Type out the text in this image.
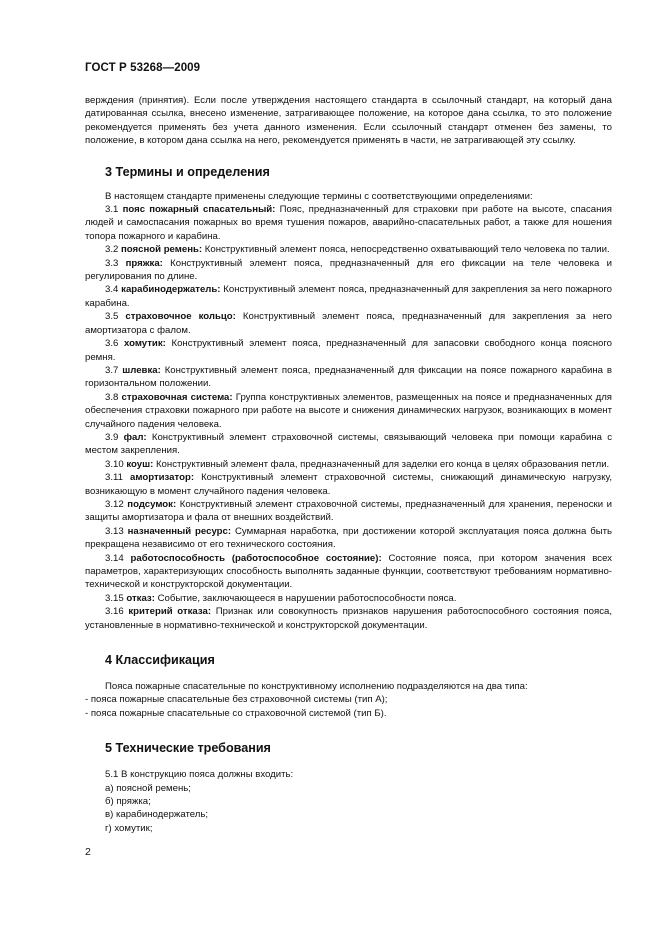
ГОСТ Р 53268—2009

верждения (принятия). Если после утверждения настоящего стандарта в ссылочный стандарт, на который дана датированная ссылка, внесено изменение, затрагивающее положение, на которое дана ссылка, то это положение рекомендуется применять без учета данного изменения. Если ссылочный стандарт отменен без замены, то положение, в котором дана ссылка на него, рекомендуется применять в части, не затрагивающей эту ссылку.

3 Термины и определения

В настоящем стандарте применены следующие термины с соответствующими определениями:

3.1 пояс пожарный спасательный: Пояс, предназначенный для страховки при работе на высоте, спасания людей и самоспасания пожарных во время тушения пожаров, аварийно-спасательных работ, а также для ношения топора пожарного и карабина.

3.2 поясной ремень: Конструктивный элемент пояса, непосредственно охватывающий тело человека по талии.

3.3 пряжка: Конструктивный элемент пояса, предназначенный для его фиксации на теле человека и регулирования по длине.

3.4 карабинодержатель: Конструктивный элемент пояса, предназначенный для закрепления за него пожарного карабина.

3.5 страховочное кольцо: Конструктивный элемент пояса, предназначенный для закрепления за него амортизатора с фалом.

3.6 хомутик: Конструктивный элемент пояса, предназначенный для запасовки свободного конца поясного ремня.

3.7 шлевка: Конструктивный элемент пояса, предназначенный для фиксации на поясе пожарного карабина в горизонтальном положении.

3.8 страховочная система: Группа конструктивных элементов, размещенных на поясе и предназначенных для обеспечения страховки пожарного при работе на высоте и снижения динамических нагрузок, возникающих в момент случайного падения человека.

3.9 фал: Конструктивный элемент страховочной системы, связывающий человека при помощи карабина с местом закрепления.

3.10 коуш: Конструктивный элемент фала, предназначенный для заделки его конца в целях образования петли.

3.11 амортизатор: Конструктивный элемент страховочной системы, снижающий динамическую нагрузку, возникающую в момент случайного падения человека.

3.12 подсумок: Конструктивный элемент страховочной системы, предназначенный для хранения, переноски и защиты амортизатора и фала от внешних воздействий.

3.13 назначенный ресурс: Суммарная наработка, при достижении которой эксплуатация пояса должна быть прекращена независимо от его технического состояния.

3.14 работоспособность (работоспособное состояние): Состояние пояса, при котором значения всех параметров, характеризующих способность выполнять заданные функции, соответствуют требованиям нормативно-технической и конструкторской документации.

3.15 отказ: Событие, заключающееся в нарушении работоспособности пояса.

3.16 критерий отказа: Признак или совокупность признаков нарушения работоспособного состояния пояса, установленные в нормативно-технической и конструкторской документации.

4 Классификация

Пояса пожарные спасательные по конструктивному исполнению подразделяются на два типа:

- пояса пожарные спасательные без страховочной системы (тип А);

- пояса пожарные спасательные со страховочной системой (тип Б).

5 Технические требования

5.1 В конструкцию пояса должны входить:

а) поясной ремень;

б) пряжка;

в) карабинодержатель;

г) хомутик;

2
